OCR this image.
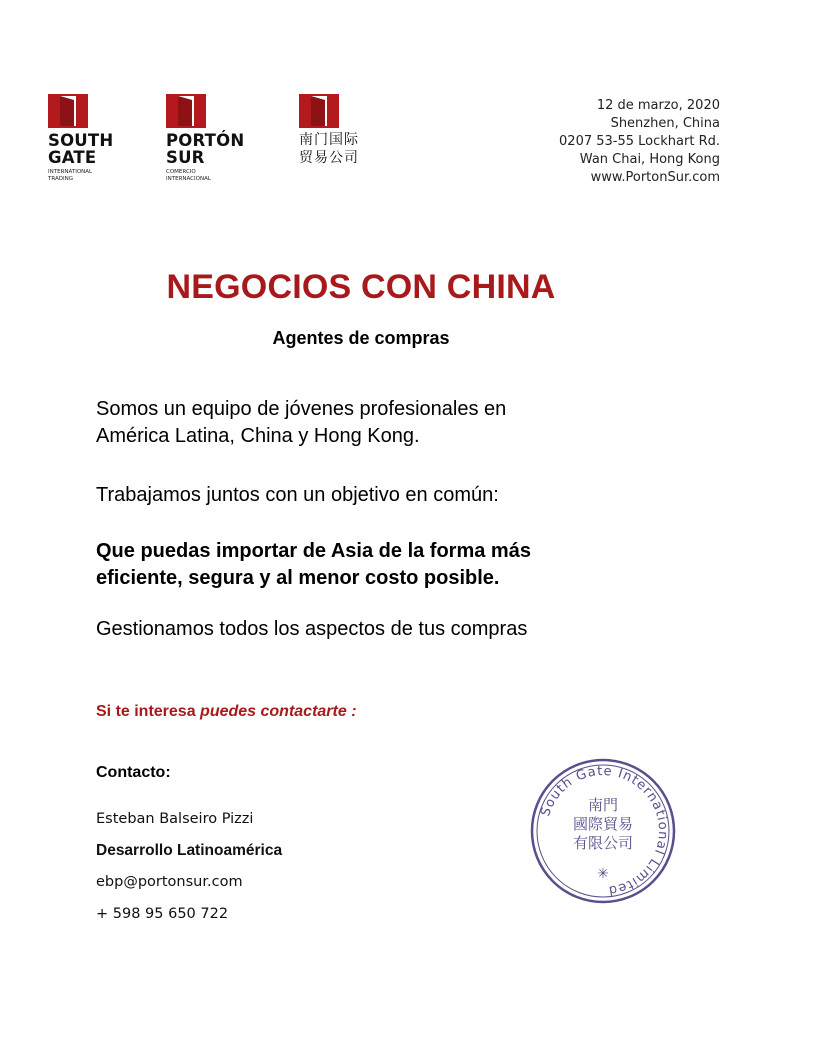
SOUTH
GATE
INTERNATIONAL
TRADING
PORTÓN
SUR
COMERCIO
INTERNACIONAL
南门国际
贸易公司
12 de marzo, 2020
Shenzhen, China
0207 53-55 Lockhart Rd.
Wan Chai, Hong Kong
www.PortonSur.com
NEGOCIOS CON CHINA
Agentes de compras
Somos un equipo de jóvenes profesionales en
América Latina, China y Hong Kong.
Trabajamos juntos con un objetivo en común:
Que puedas importar de Asia de la forma más
eficiente, segura y al menor costo posible.
Gestionamos todos los aspectos de tus compras
Si te interesa puedes contactarte :
Contacto:
Esteban Balseiro Pizzi
Desarrollo Latinoamérica
ebp@portonsur.com
+ 598 95 650 722
South Gate International Limited
南門
國際貿易
有限公司
✳
